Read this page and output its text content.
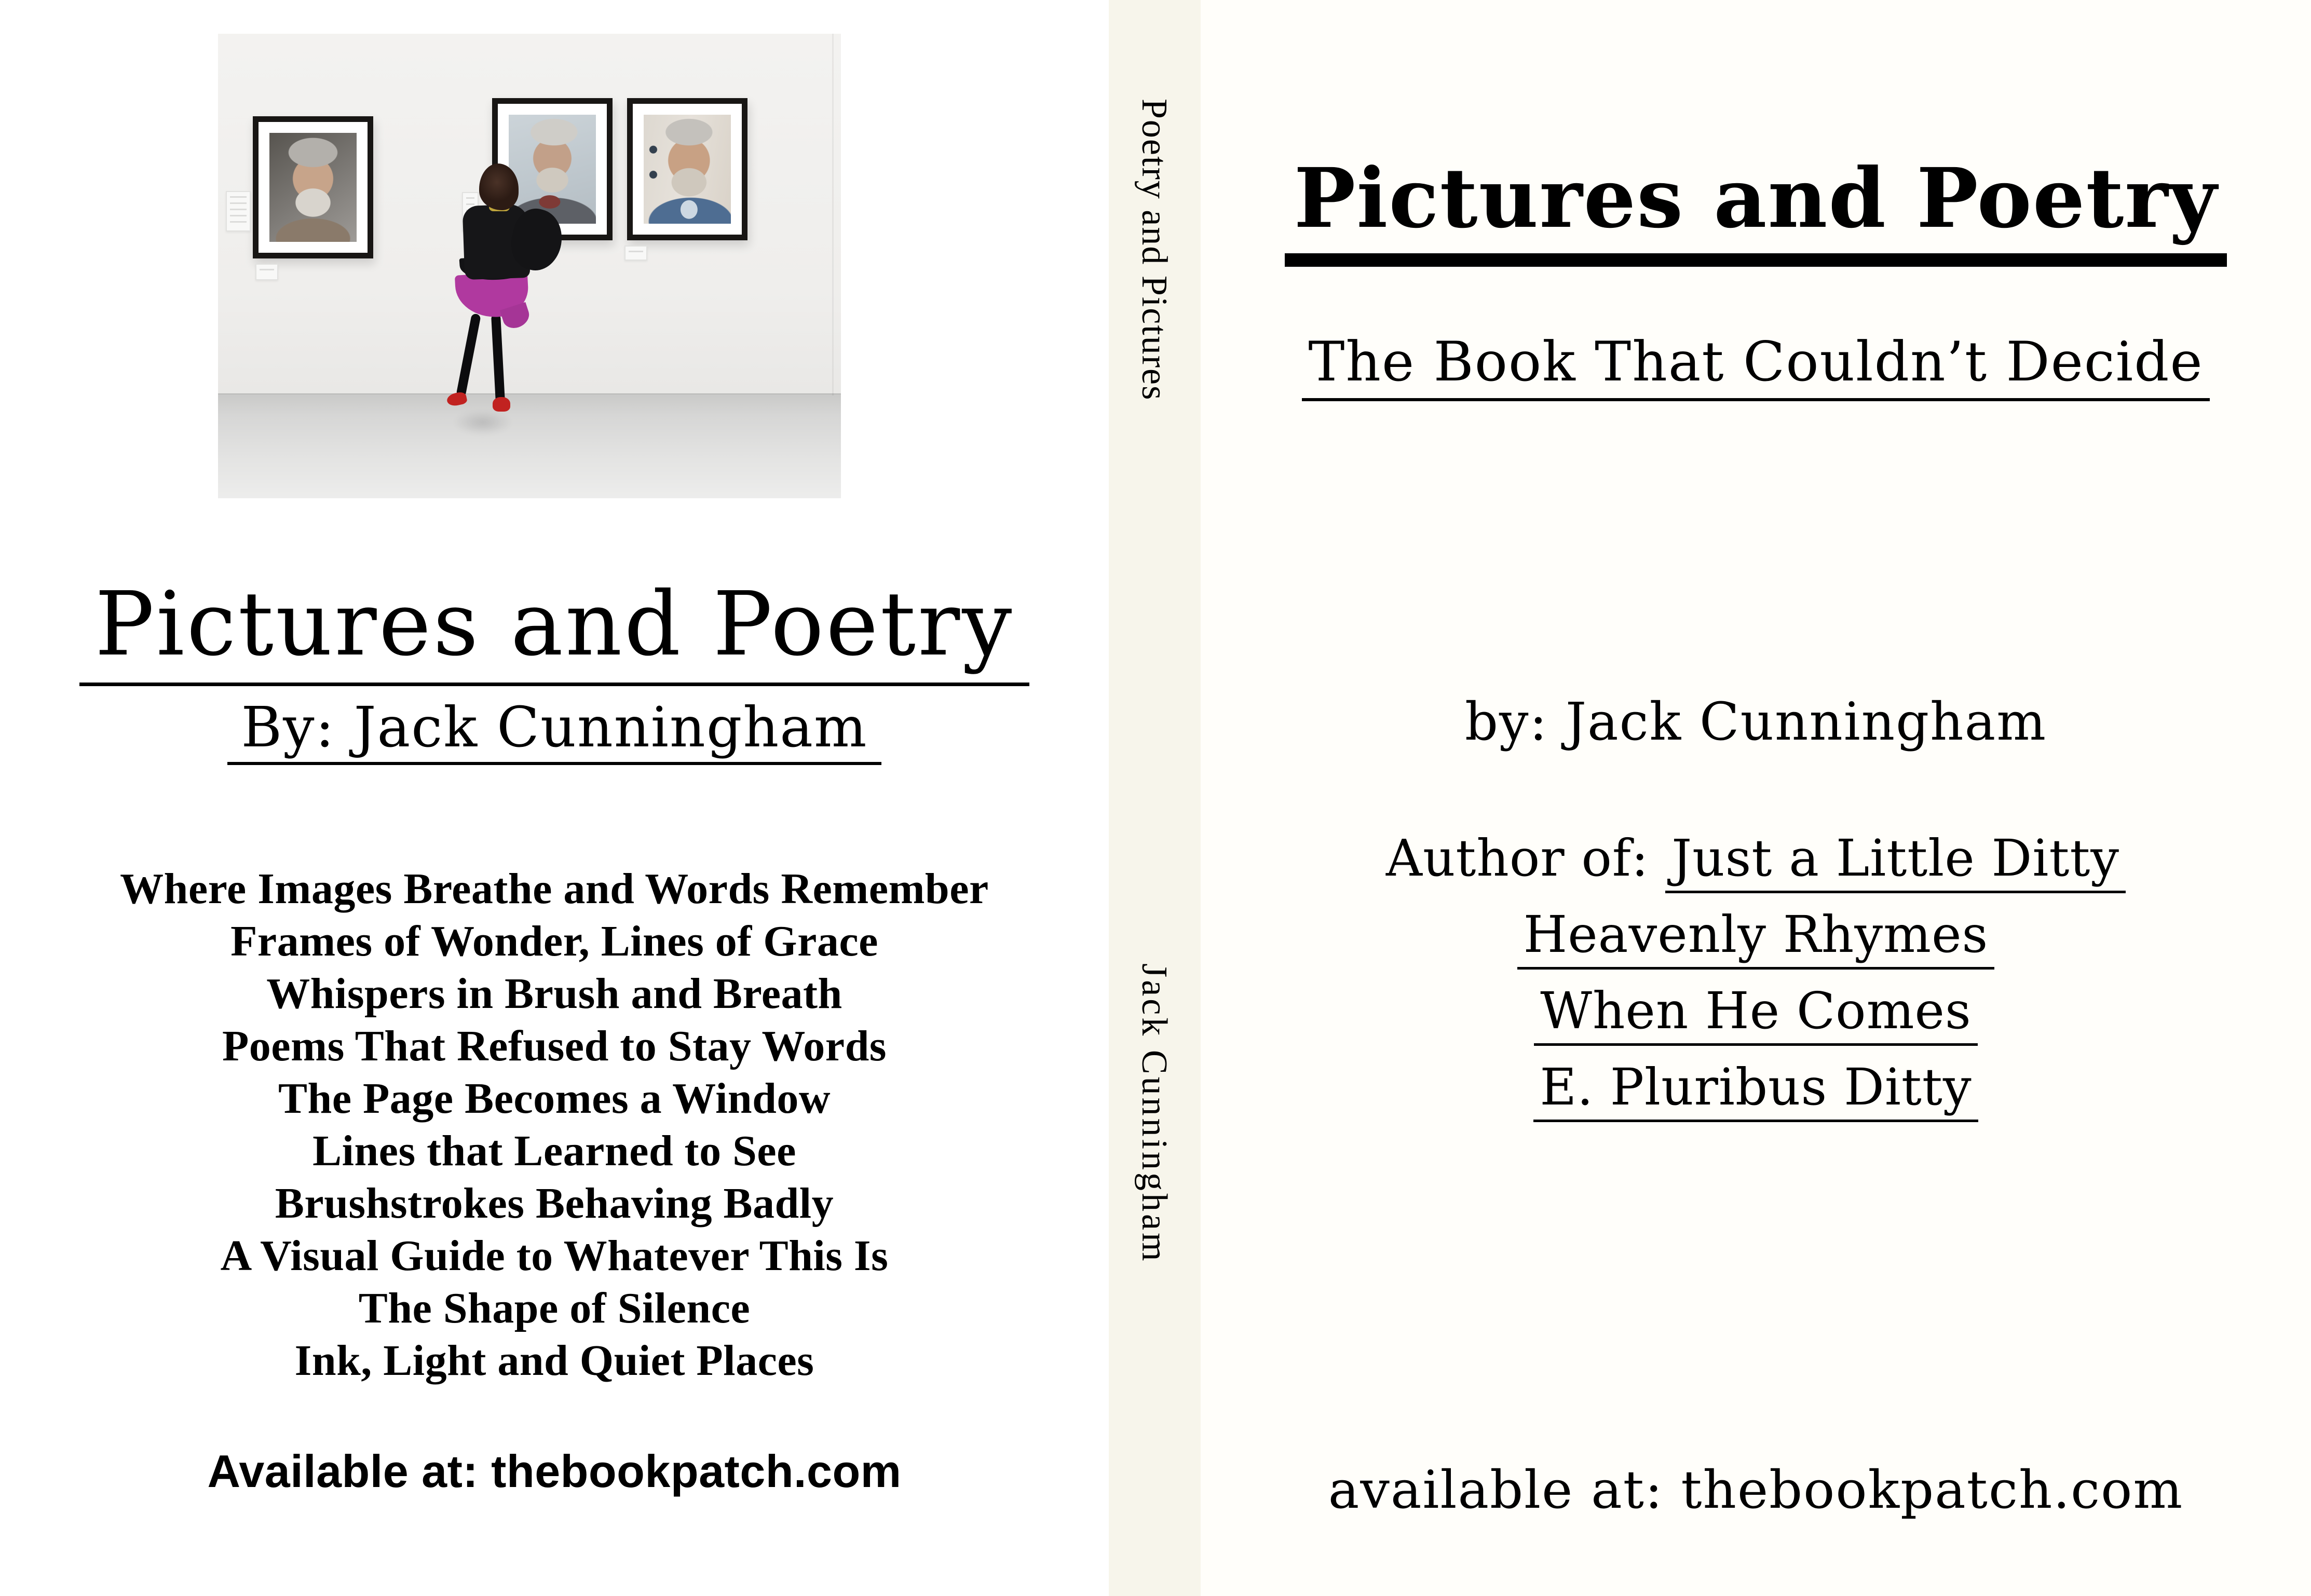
Pictures and Poetry
By: Jack Cunningham
Where Images Breathe and Words Remember
Frames of Wonder, Lines of Grace
Whispers in Brush and Breath
Poems That Refused to Stay Words
The Page Becomes a Window
Lines that Learned to See
Brushstrokes Behaving Badly
A Visual Guide to Whatever This Is
The Shape of Silence
Ink, Light and Quiet Places
Available at: thebookpatch.com
Poetry and Pictures
Jack Cunningham
Pictures and Poetry
The Book That Couldn’t Decide
by: Jack Cunningham
Author of: Just a Little Ditty
Heavenly Rhymes
When He Comes
E. Pluribus Ditty
available at: thebookpatch.com
